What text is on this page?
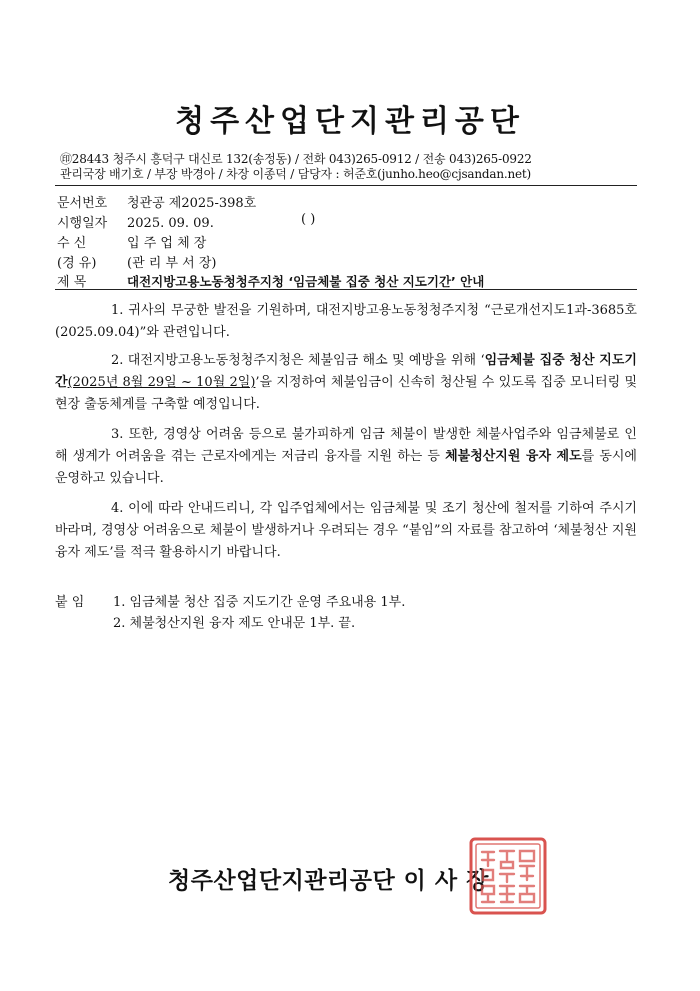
청주산업단지관리공단
㊞28443 청주시 흥덕구 대신로 132(송정동) / 전화 043)265-0912 / 전송 043)265-0922
관리국장 배기호 / 부장 박경아 / 차장 이종덕 / 담당자 : 허준호(junho.heo@cjsandan.net)
문서번호 청관공 제2025-398호
시행일자 2025. 09. 09.	( )
수 신	입 주 업 체 장
(경 유) (관 리 부 서 장)
제 목	대전지방고용노동청청주지청 ‘임금체불 집중 청산 지도기간’ 안내

1. 귀사의 무궁한 발전을 기원하며, 대전지방고용노동청청주지청 “근로개선지도1과-3685호(2025.09.04)”와 관련입니다.

2. 대전지방고용노동청청주지청은 체불임금 해소 및 예방을 위해 ‘임금체불 집중 청산 지도기간(2025년 8월 29일 ~ 10월 2일)’을 지정하여 체불임금이 신속히 청산될 수 있도록 집중 모니터링 및 현장 출동체계를 구축할 예정입니다.

3. 또한, 경영상 어려움 등으로 불가피하게 임금 체불이 발생한 체불사업주와 임금체불로 인해 생계가 어려움을 겪는 근로자에게는 저금리 융자를 지원 하는 등 체불청산지원 융자 제도를 동시에 운영하고 있습니다.

4. 이에 따라 안내드리니, 각 입주업체에서는 임금체불 및 조기 청산에 철저를 기하여 주시기 바라며, 경영상 어려움으로 체불이 발생하거나 우려되는 경우 “붙임”의 자료를 참고하여 ‘체불청산 지원 융자 제도’를 적극 활용하시기 바랍니다.

붙 임 1. 임금체불 청산 집중 지도기간 운영 주요내용 1부.
2. 체불청산지원 융자 제도 안내문 1부. 끝.
청주산업단지관리공단 이 사 장
